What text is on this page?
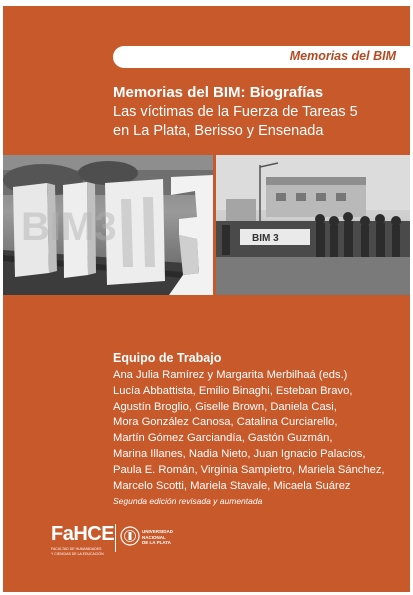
Memorias del BIM
Memorias del BIM: Biografías
Las víctimas de la Fuerza de Tareas 5
en La Plata, Berisso y Ensenada
BIM3	BIM 3
Equipo de Trabajo
Ana Julia Ramírez y Margarita Merbilhaá (eds.)
Lucía Abbattista, Emilio Binaghi, Esteban Bravo,
Agustín Broglio, Giselle Brown, Daniela Casi,
Mora González Canosa, Catalina Curciarello,
Martín Gómez Garciandía, Gastón Guzmán,
Marina Illanes, Nadia Nieto, Juan Ignacio Palacios,
Paula E. Román, Virginia Sampietro, Mariela Sánchez,
Marcelo Scotti, Mariela Stavale, Micaela Suárez
Segunda edición revisada y aumentada
FaHCE
FACULTAD DE HUMANIDADES
Y CIENCIAS DE LA EDUCACIÓN
UNIVERSIDAD
NACIONAL
DE LA PLATA
